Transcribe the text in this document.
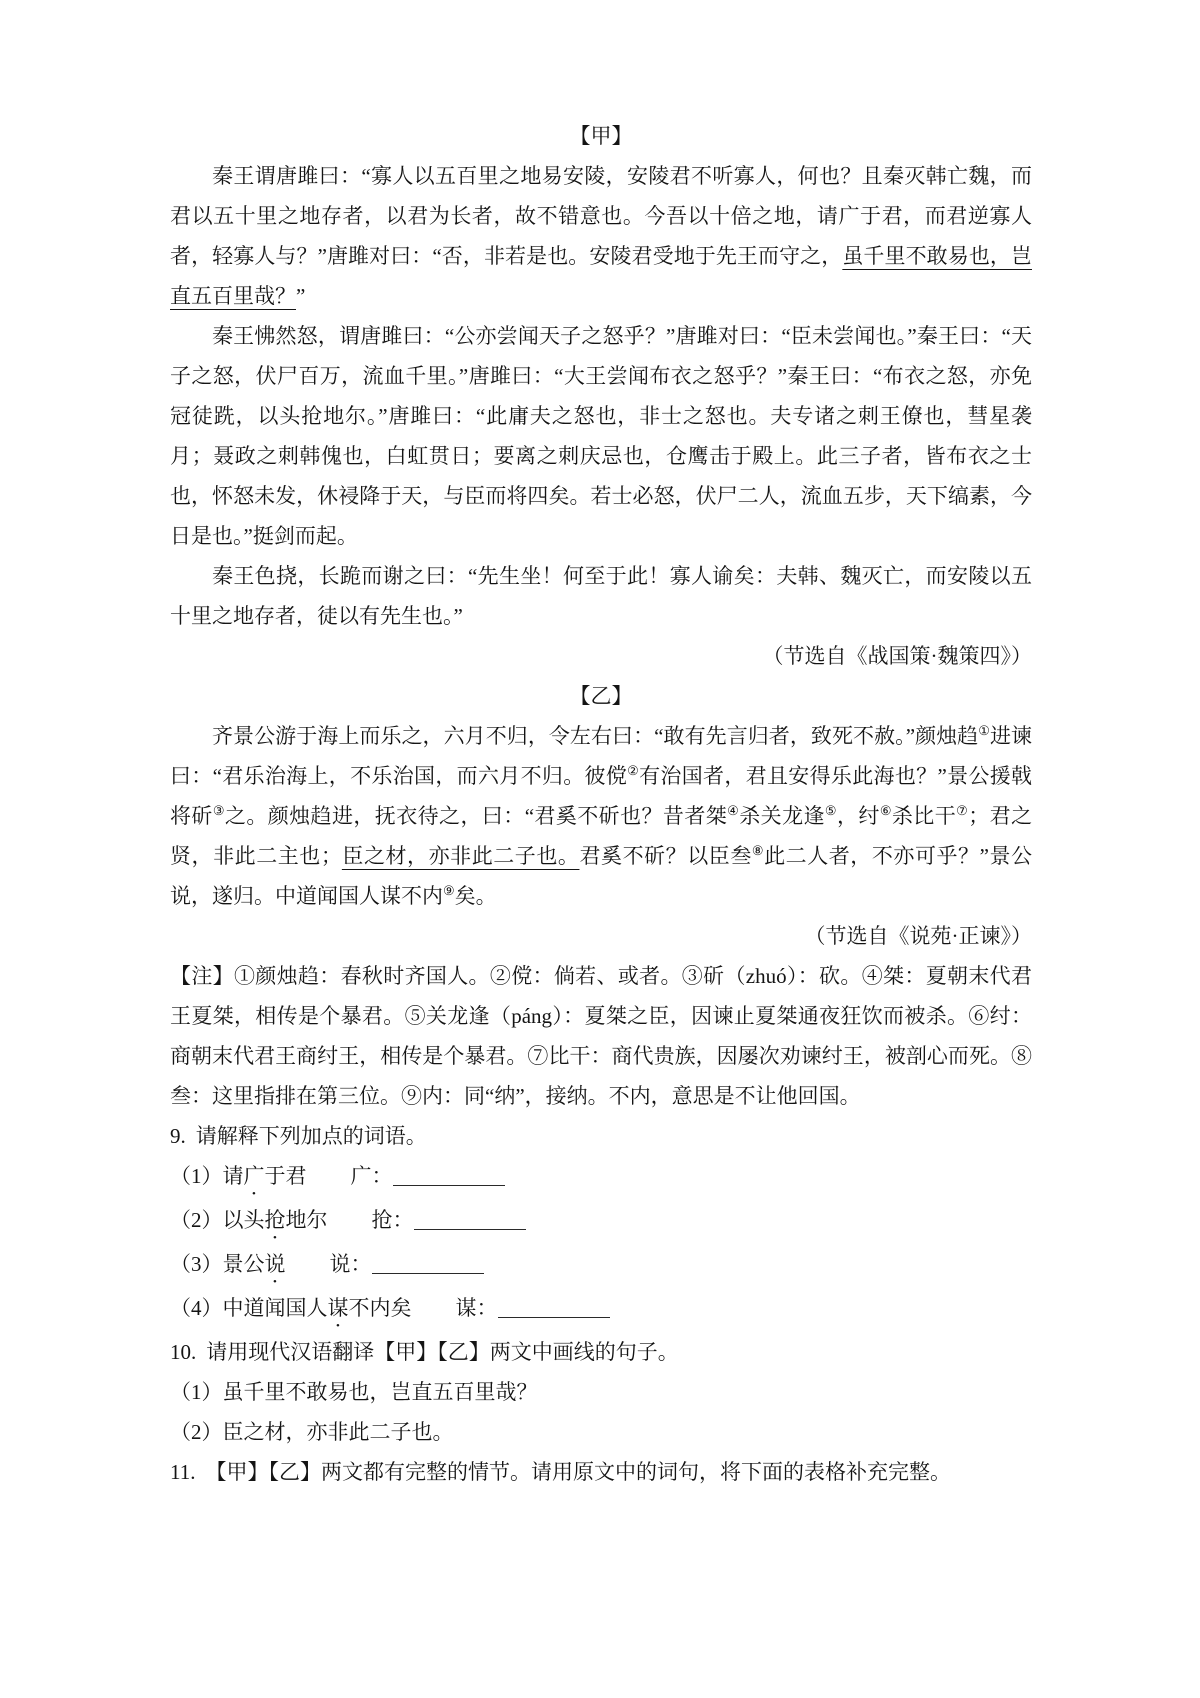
【甲】

秦王谓唐雎曰：“寡人以五百里之地易安陵，安陵君不听寡人，何也？且秦灭韩亡魏，而君以五十里之地存者，以君为长者，故不错意也。今吾以十倍之地，请广于君，而君逆寡人者，轻寡人与？”唐雎对曰：“否，非若是也。安陵君受地于先王而守之，虽千里不敢易也，岂直五百里哉？”

秦王怫然怒，谓唐雎曰：“公亦尝闻天子之怒乎？”唐雎对曰：“臣未尝闻也。”秦王曰：“天子之怒，伏尸百万，流血千里。”唐雎曰：“大王尝闻布衣之怒乎？”秦王曰：“布衣之怒，亦免冠徒跣，以头抢地尔。”唐雎曰：“此庸夫之怒也，非士之怒也。夫专诸之刺王僚也，彗星袭月；聂政之刺韩傀也，白虹贯日；要离之刺庆忌也，仓鹰击于殿上。此三子者，皆布衣之士也，怀怒未发，休祲降于天，与臣而将四矣。若士必怒，伏尸二人，流血五步，天下缟素，今日是也。”挺剑而起。

秦王色挠，长跪而谢之曰：“先生坐！何至于此！寡人谕矣：夫韩、魏灭亡，而安陵以五十里之地存者，徒以有先生也。”

（节选自《战国策·魏策四》）

【乙】

齐景公游于海上而乐之，六月不归，令左右曰：“敢有先言归者，致死不赦。”颜烛趋①进谏曰：“君乐治海上，不乐治国，而六月不归。彼傥②有治国者，君且安得乐此海也？”景公援戟将斫③之。颜烛趋进，抚衣待之，曰：“君奚不斫也？昔者桀④杀关龙逢⑤，纣⑥杀比干⑦；君之贤，非此二主也；臣之材，亦非此二子也。君奚不斫？以臣叁⑧此二人者，不亦可乎？”景公说，遂归。中道闻国人谋不内⑨矣。

（节选自《说苑·正谏》）

【注】①颜烛趋：春秋时齐国人。②傥：倘若、或者。③斫（zhuó）：砍。④桀：夏朝末代君王夏桀，相传是个暴君。⑤关龙逢（páng）：夏桀之臣，因谏止夏桀通夜狂饮而被杀。⑥纣：商朝末代君王商纣王，相传是个暴君。⑦比干：商代贵族，因屡次劝谏纣王，被剖心而死。⑧叁：这里指排在第三位。⑨内：同“纳”，接纳。不内，意思是不让他回国。

9. 请解释下列加点的词语。

（1）请广于君 广：

（2）以头抢地尔 抢：

（3）景公说 说：

（4）中道闻国人谋不内矣 谋：

10. 请用现代汉语翻译【甲】【乙】两文中画线的句子。

（1）虽千里不敢易也，岂直五百里哉？

（2）臣之材，亦非此二子也。

11. 【甲】【乙】两文都有完整的情节。请用原文中的词句，将下面的表格补充完整。
